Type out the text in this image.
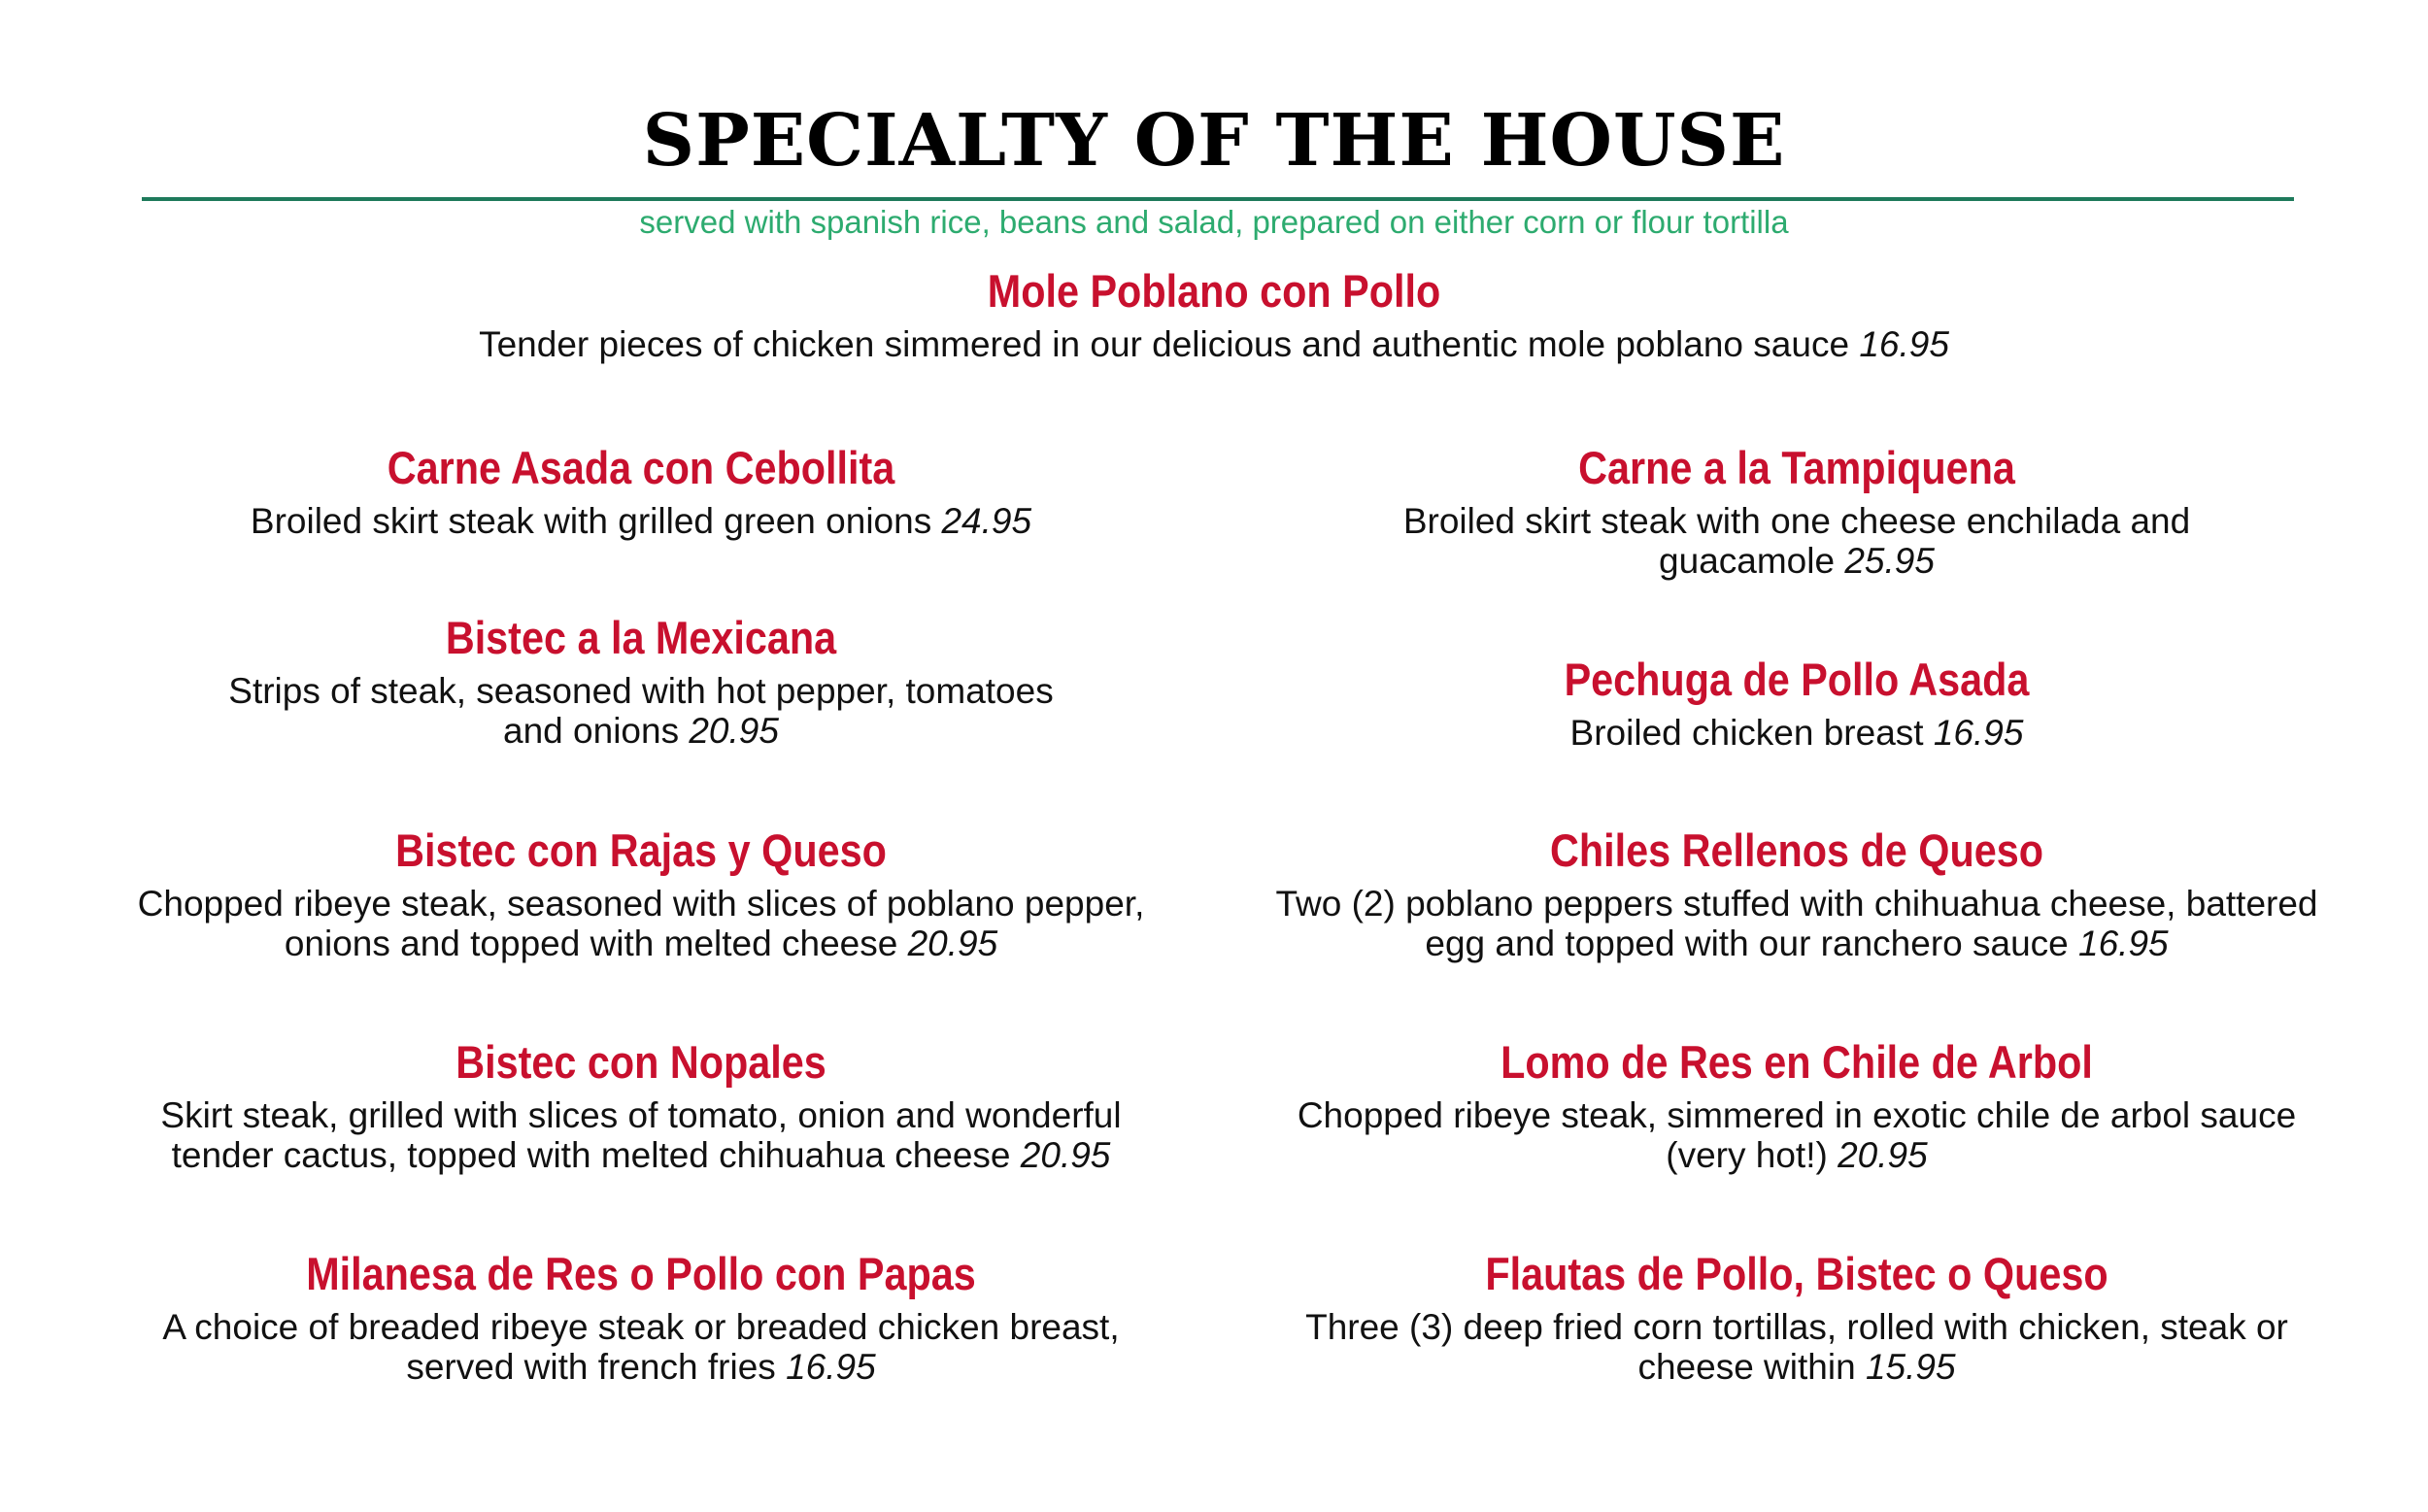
SPECIALTY OF THE HOUSE
served with spanish rice, beans and salad, prepared on either corn or flour tortilla
Mole Poblano con Pollo
Tender pieces of chicken simmered in our delicious and authentic mole poblano sauce 16.95
Carne Asada con Cebollita
Broiled skirt steak with grilled green onions 24.95
Bistec a la Mexicana
Strips of steak, seasoned with hot pepper, tomatoes and onions 20.95
Bistec con Rajas y Queso
Chopped ribeye steak, seasoned with slices of poblano pepper, onions and topped with melted cheese 20.95
Bistec con Nopales
Skirt steak, grilled with slices of tomato, onion and wonderful tender cactus, topped with melted chihuahua cheese 20.95
Milanesa de Res o Pollo con Papas
A choice of breaded ribeye steak or breaded chicken breast, served with french fries 16.95
Carne a la Tampiquena
Broiled skirt steak with one cheese enchilada and guacamole 25.95
Pechuga de Pollo Asada
Broiled chicken breast 16.95
Chiles Rellenos de Queso
Two (2) poblano peppers stuffed with chihuahua cheese, battered egg and topped with our ranchero sauce 16.95
Lomo de Res en Chile de Arbol
Chopped ribeye steak, simmered in exotic chile de arbol sauce (very hot!) 20.95
Flautas de Pollo, Bistec o Queso
Three (3) deep fried corn tortillas, rolled with chicken, steak or cheese within 15.95
